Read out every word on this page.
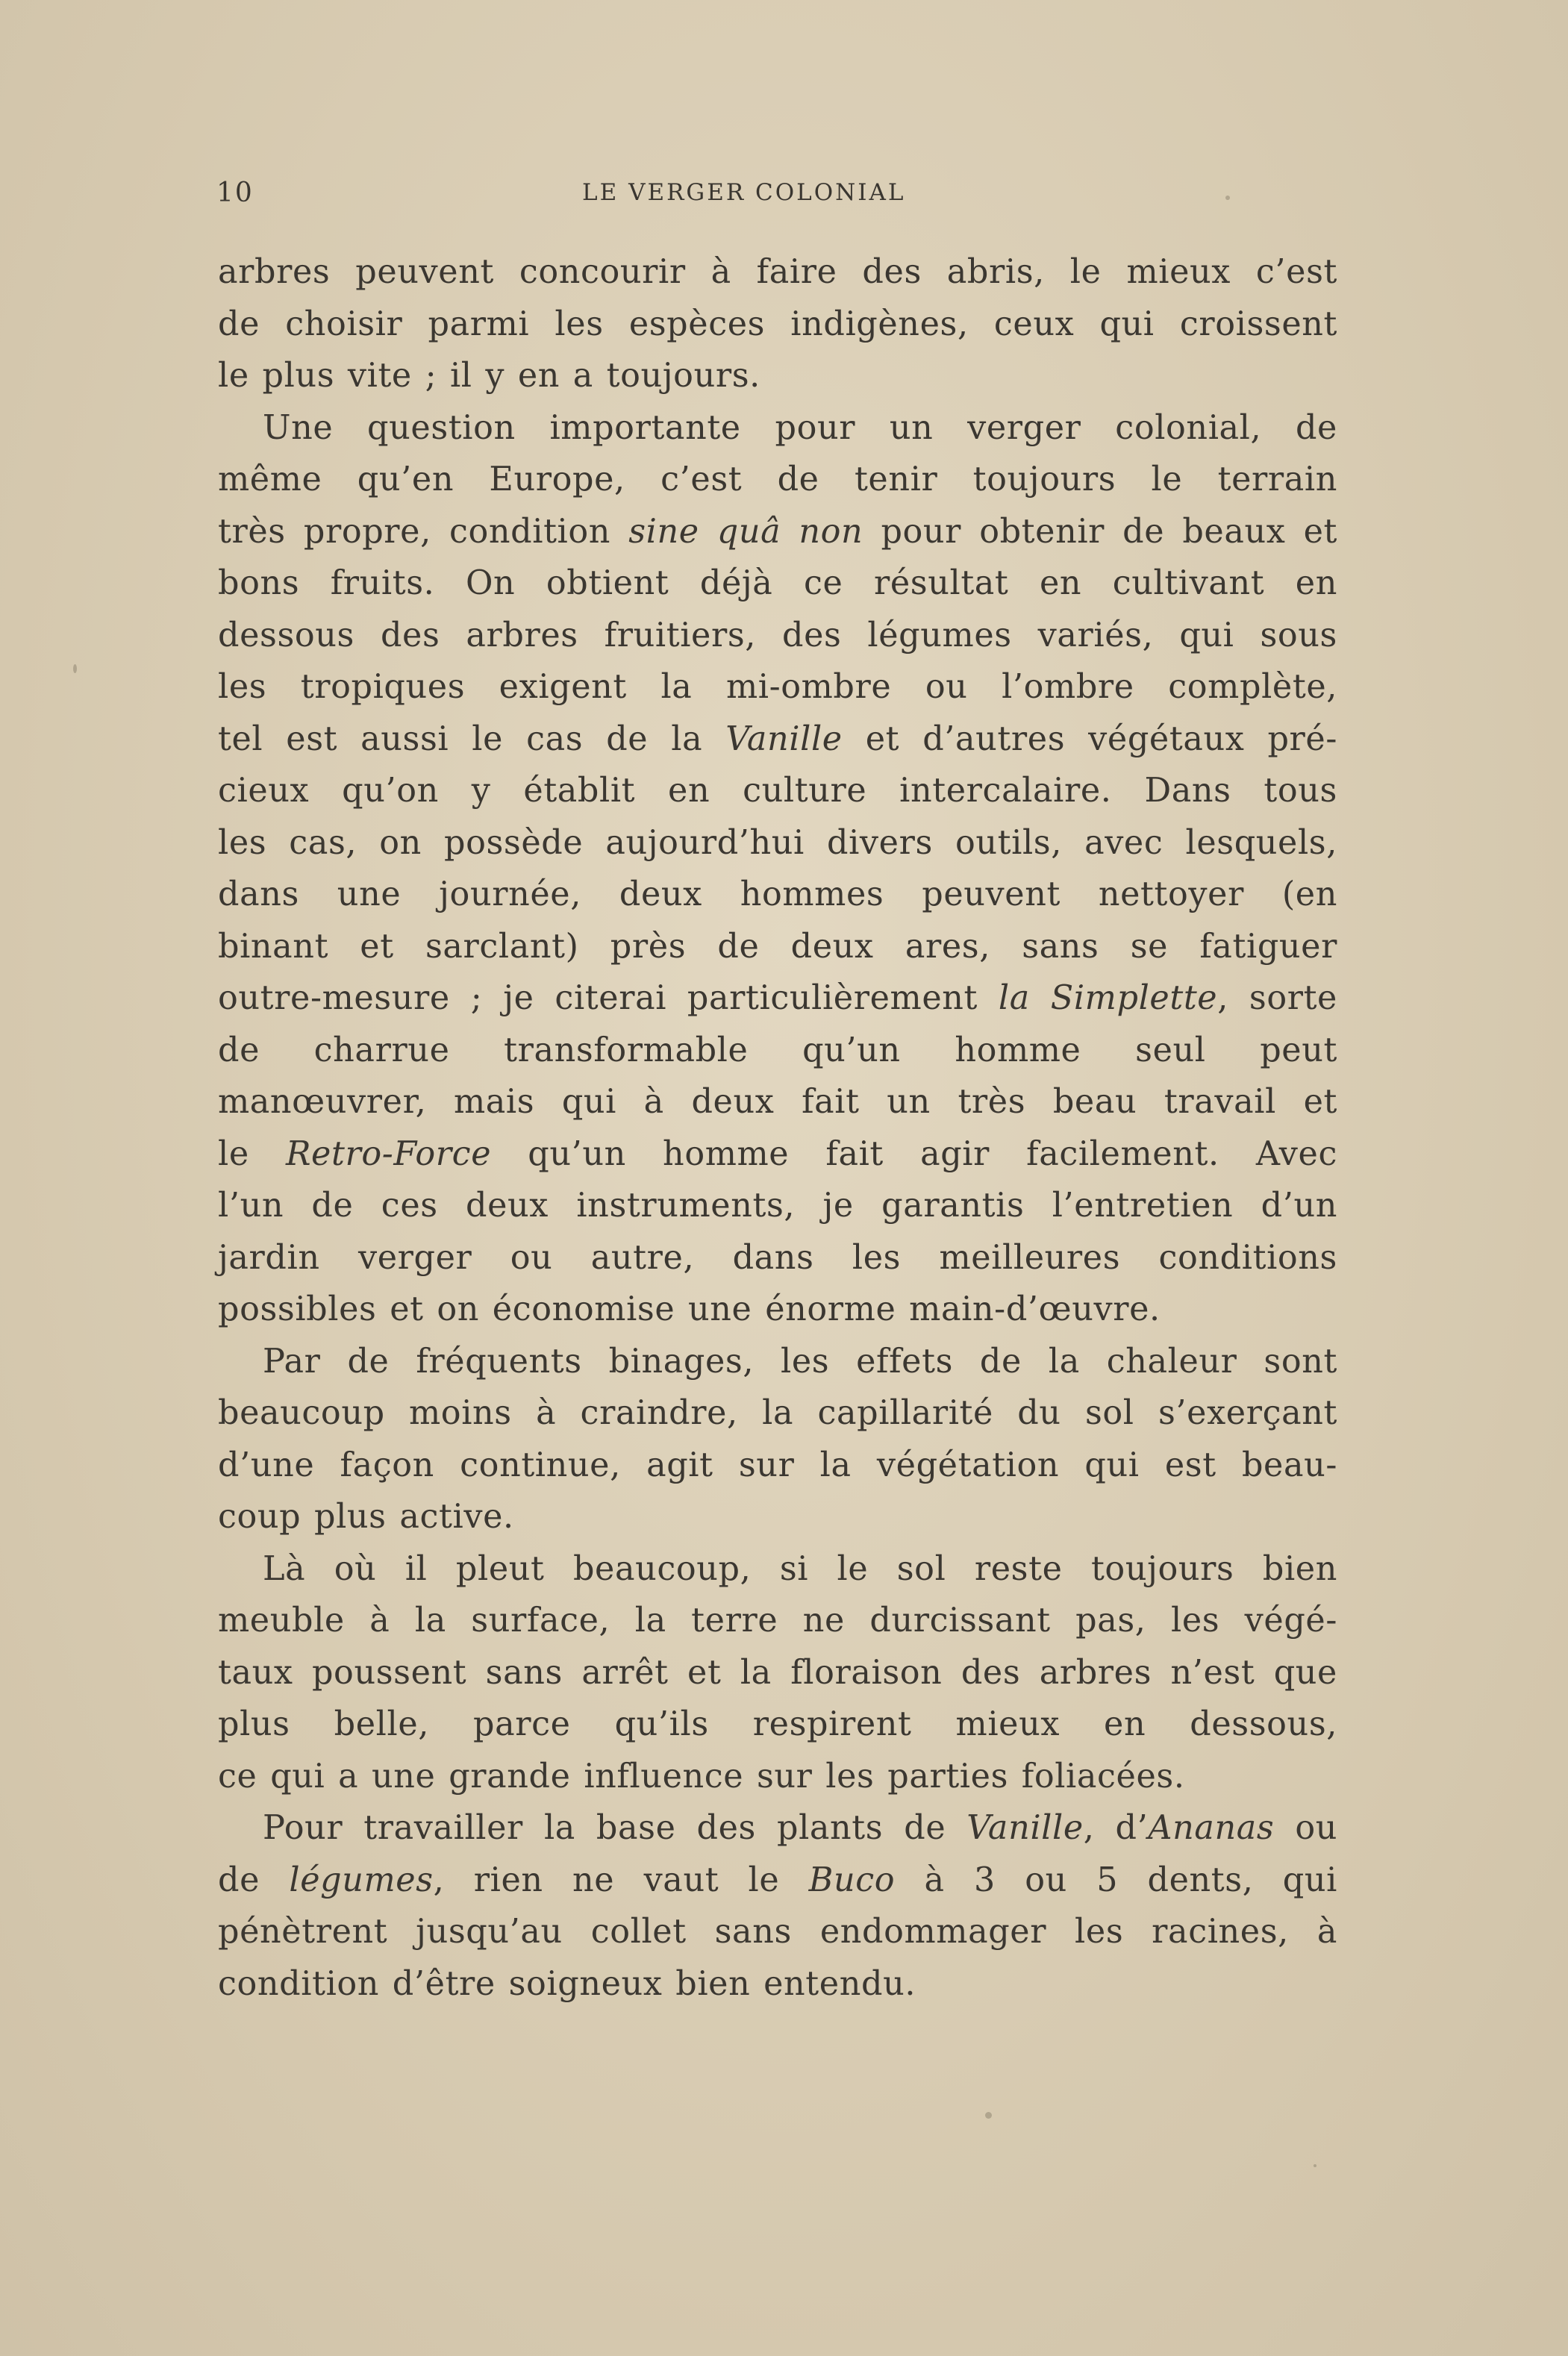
10	LE VERGER COLONIAL
arbres peuvent concourir à faire des abris, le mieux c’est
de choisir parmi les espèces indigènes, ceux qui croissent
le plus vite ; il y en a toujours.
Une question importante pour un verger colonial, de
même qu’en Europe, c’est de tenir toujours le terrain
très propre, condition sine quâ non pour obtenir de beaux et
bons fruits. On obtient déjà ce résultat en cultivant en
dessous des arbres fruitiers, des légumes variés, qui sous
les tropiques exigent la mi-ombre ou l’ombre complète,
tel est aussi le cas de la Vanille et d’autres végétaux pré-
cieux qu’on y établit en culture intercalaire. Dans tous
les cas, on possède aujourd’hui divers outils, avec lesquels,
dans une journée, deux hommes peuvent nettoyer (en
binant et sarclant) près de deux ares, sans se fatiguer
outre-mesure ; je citerai particulièrement la Simplette, sorte
de charrue transformable qu’un homme seul peut
manœuvrer, mais qui à deux fait un très beau travail et
le Retro-Force qu’un homme fait agir facilement. Avec
l’un de ces deux instruments, je garantis l’entretien d’un
jardin verger ou autre, dans les meilleures conditions
possibles et on économise une énorme main-d’œuvre.
Par de fréquents binages, les effets de la chaleur sont
beaucoup moins à craindre, la capillarité du sol s’exerçant
d’une façon continue, agit sur la végétation qui est beau-
coup plus active.
Là où il pleut beaucoup, si le sol reste toujours bien
meuble à la surface, la terre ne durcissant pas, les végé-
taux poussent sans arrêt et la floraison des arbres n’est que
plus belle, parce qu’ils respirent mieux en dessous,
ce qui a une grande influence sur les parties foliacées.
Pour travailler la base des plants de Vanille, d’Ananas ou
de légumes, rien ne vaut le Buco à 3 ou 5 dents, qui
pénètrent jusqu’au collet sans endommager les racines, à
condition d’être soigneux bien entendu.
